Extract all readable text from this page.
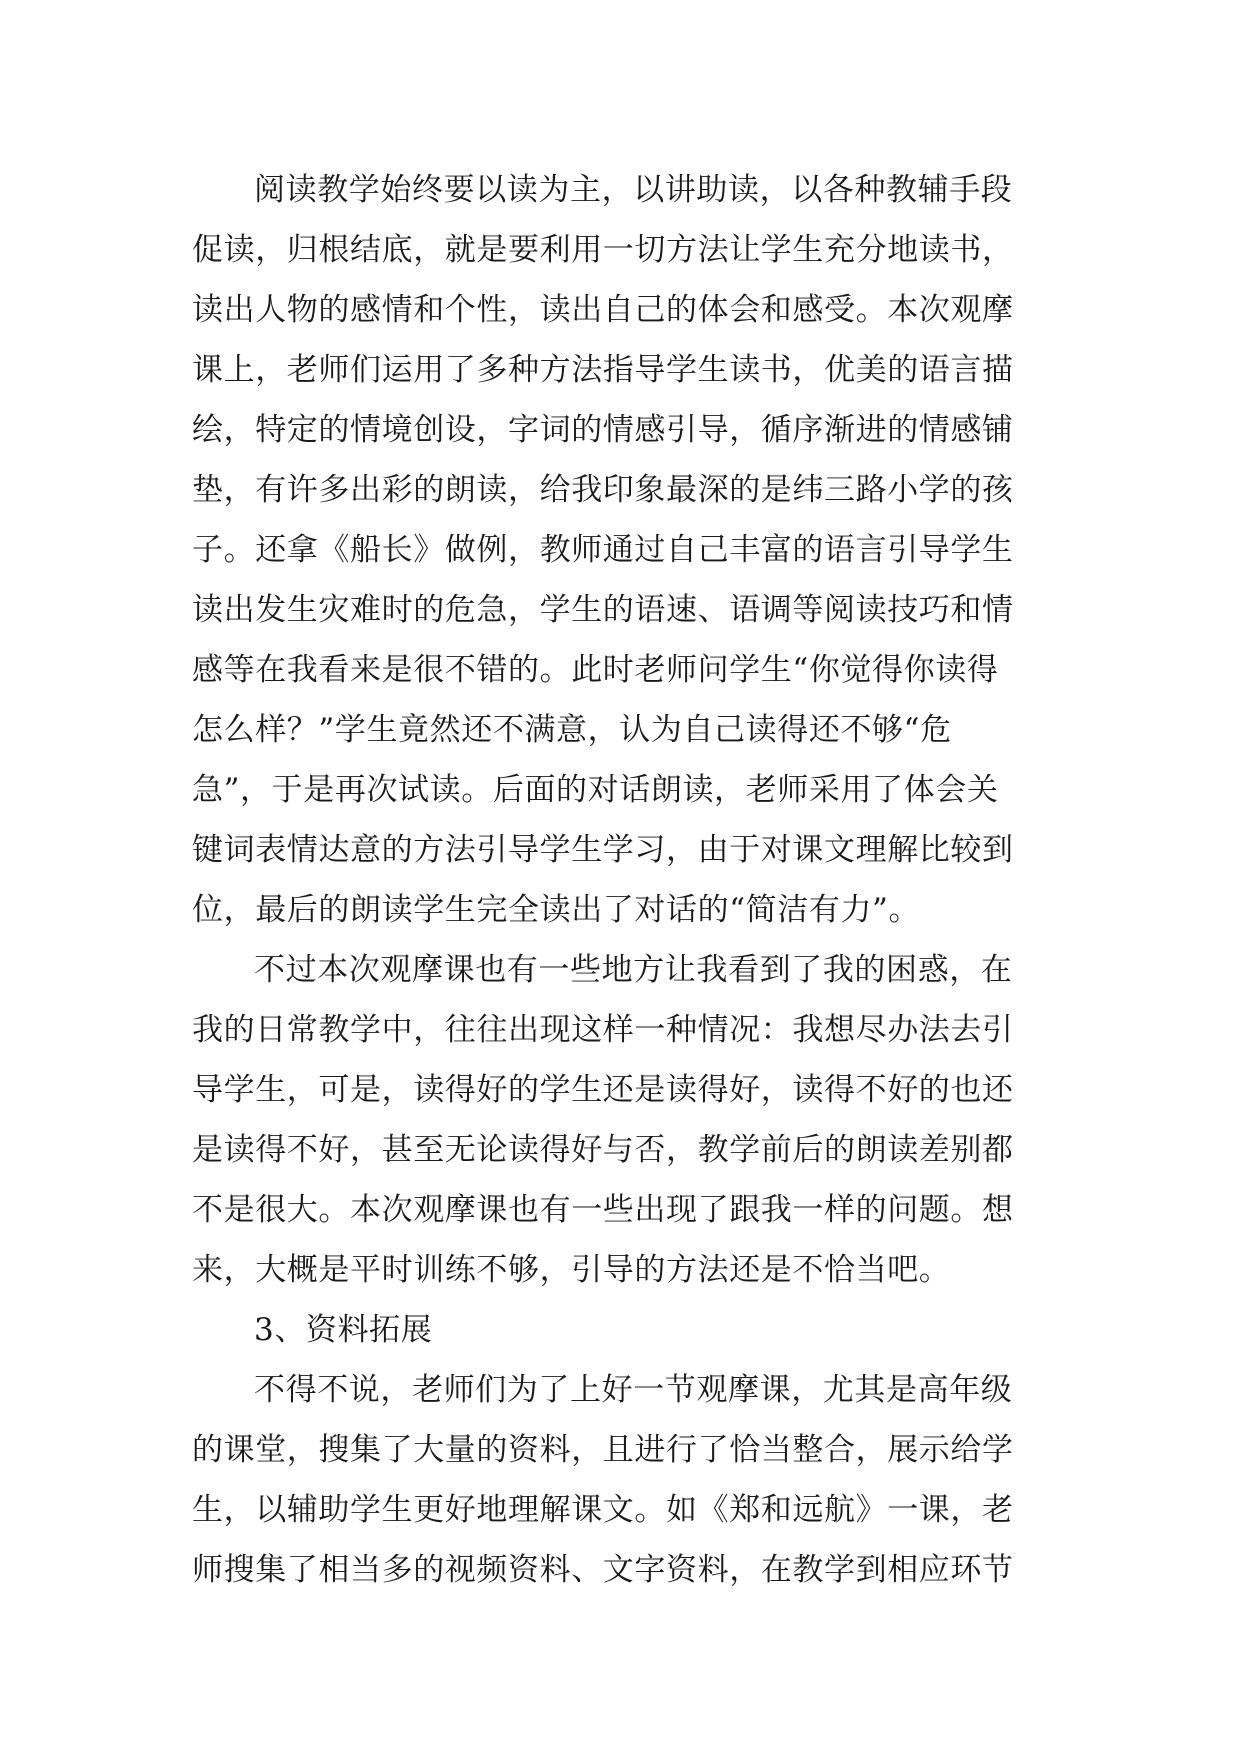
阅读教学始终要以读为主，以讲助读，以各种教辅手段
促读，归根结底，就是要利用一切方法让学生充分地读书，
读出人物的感情和个性，读出自己的体会和感受。本次观摩
课上，老师们运用了多种方法指导学生读书，优美的语言描
绘，特定的情境创设，字词的情感引导，循序渐进的情感铺
垫，有许多出彩的朗读，给我印象最深的是纬三路小学的孩
子。还拿《船长》做例，教师通过自己丰富的语言引导学生
读出发生灾难时的危急，学生的语速、语调等阅读技巧和情
感等在我看来是很不错的。此时老师问学生“你觉得你读得
怎么样？”学生竟然还不满意，认为自己读得还不够“危
急”，于是再次试读。后面的对话朗读，老师采用了体会关
键词表情达意的方法引导学生学习，由于对课文理解比较到
位，最后的朗读学生完全读出了对话的“简洁有力”。
不过本次观摩课也有一些地方让我看到了我的困惑，在
我的日常教学中，往往出现这样一种情况：我想尽办法去引
导学生，可是，读得好的学生还是读得好，读得不好的也还
是读得不好，甚至无论读得好与否，教学前后的朗读差别都
不是很大。本次观摩课也有一些出现了跟我一样的问题。想
来，大概是平时训练不够，引导的方法还是不恰当吧。
3、资料拓展
不得不说，老师们为了上好一节观摩课，尤其是高年级
的课堂，搜集了大量的资料，且进行了恰当整合，展示给学
生，以辅助学生更好地理解课文。如《郑和远航》一课，老
师搜集了相当多的视频资料、文字资料，在教学到相应环节
